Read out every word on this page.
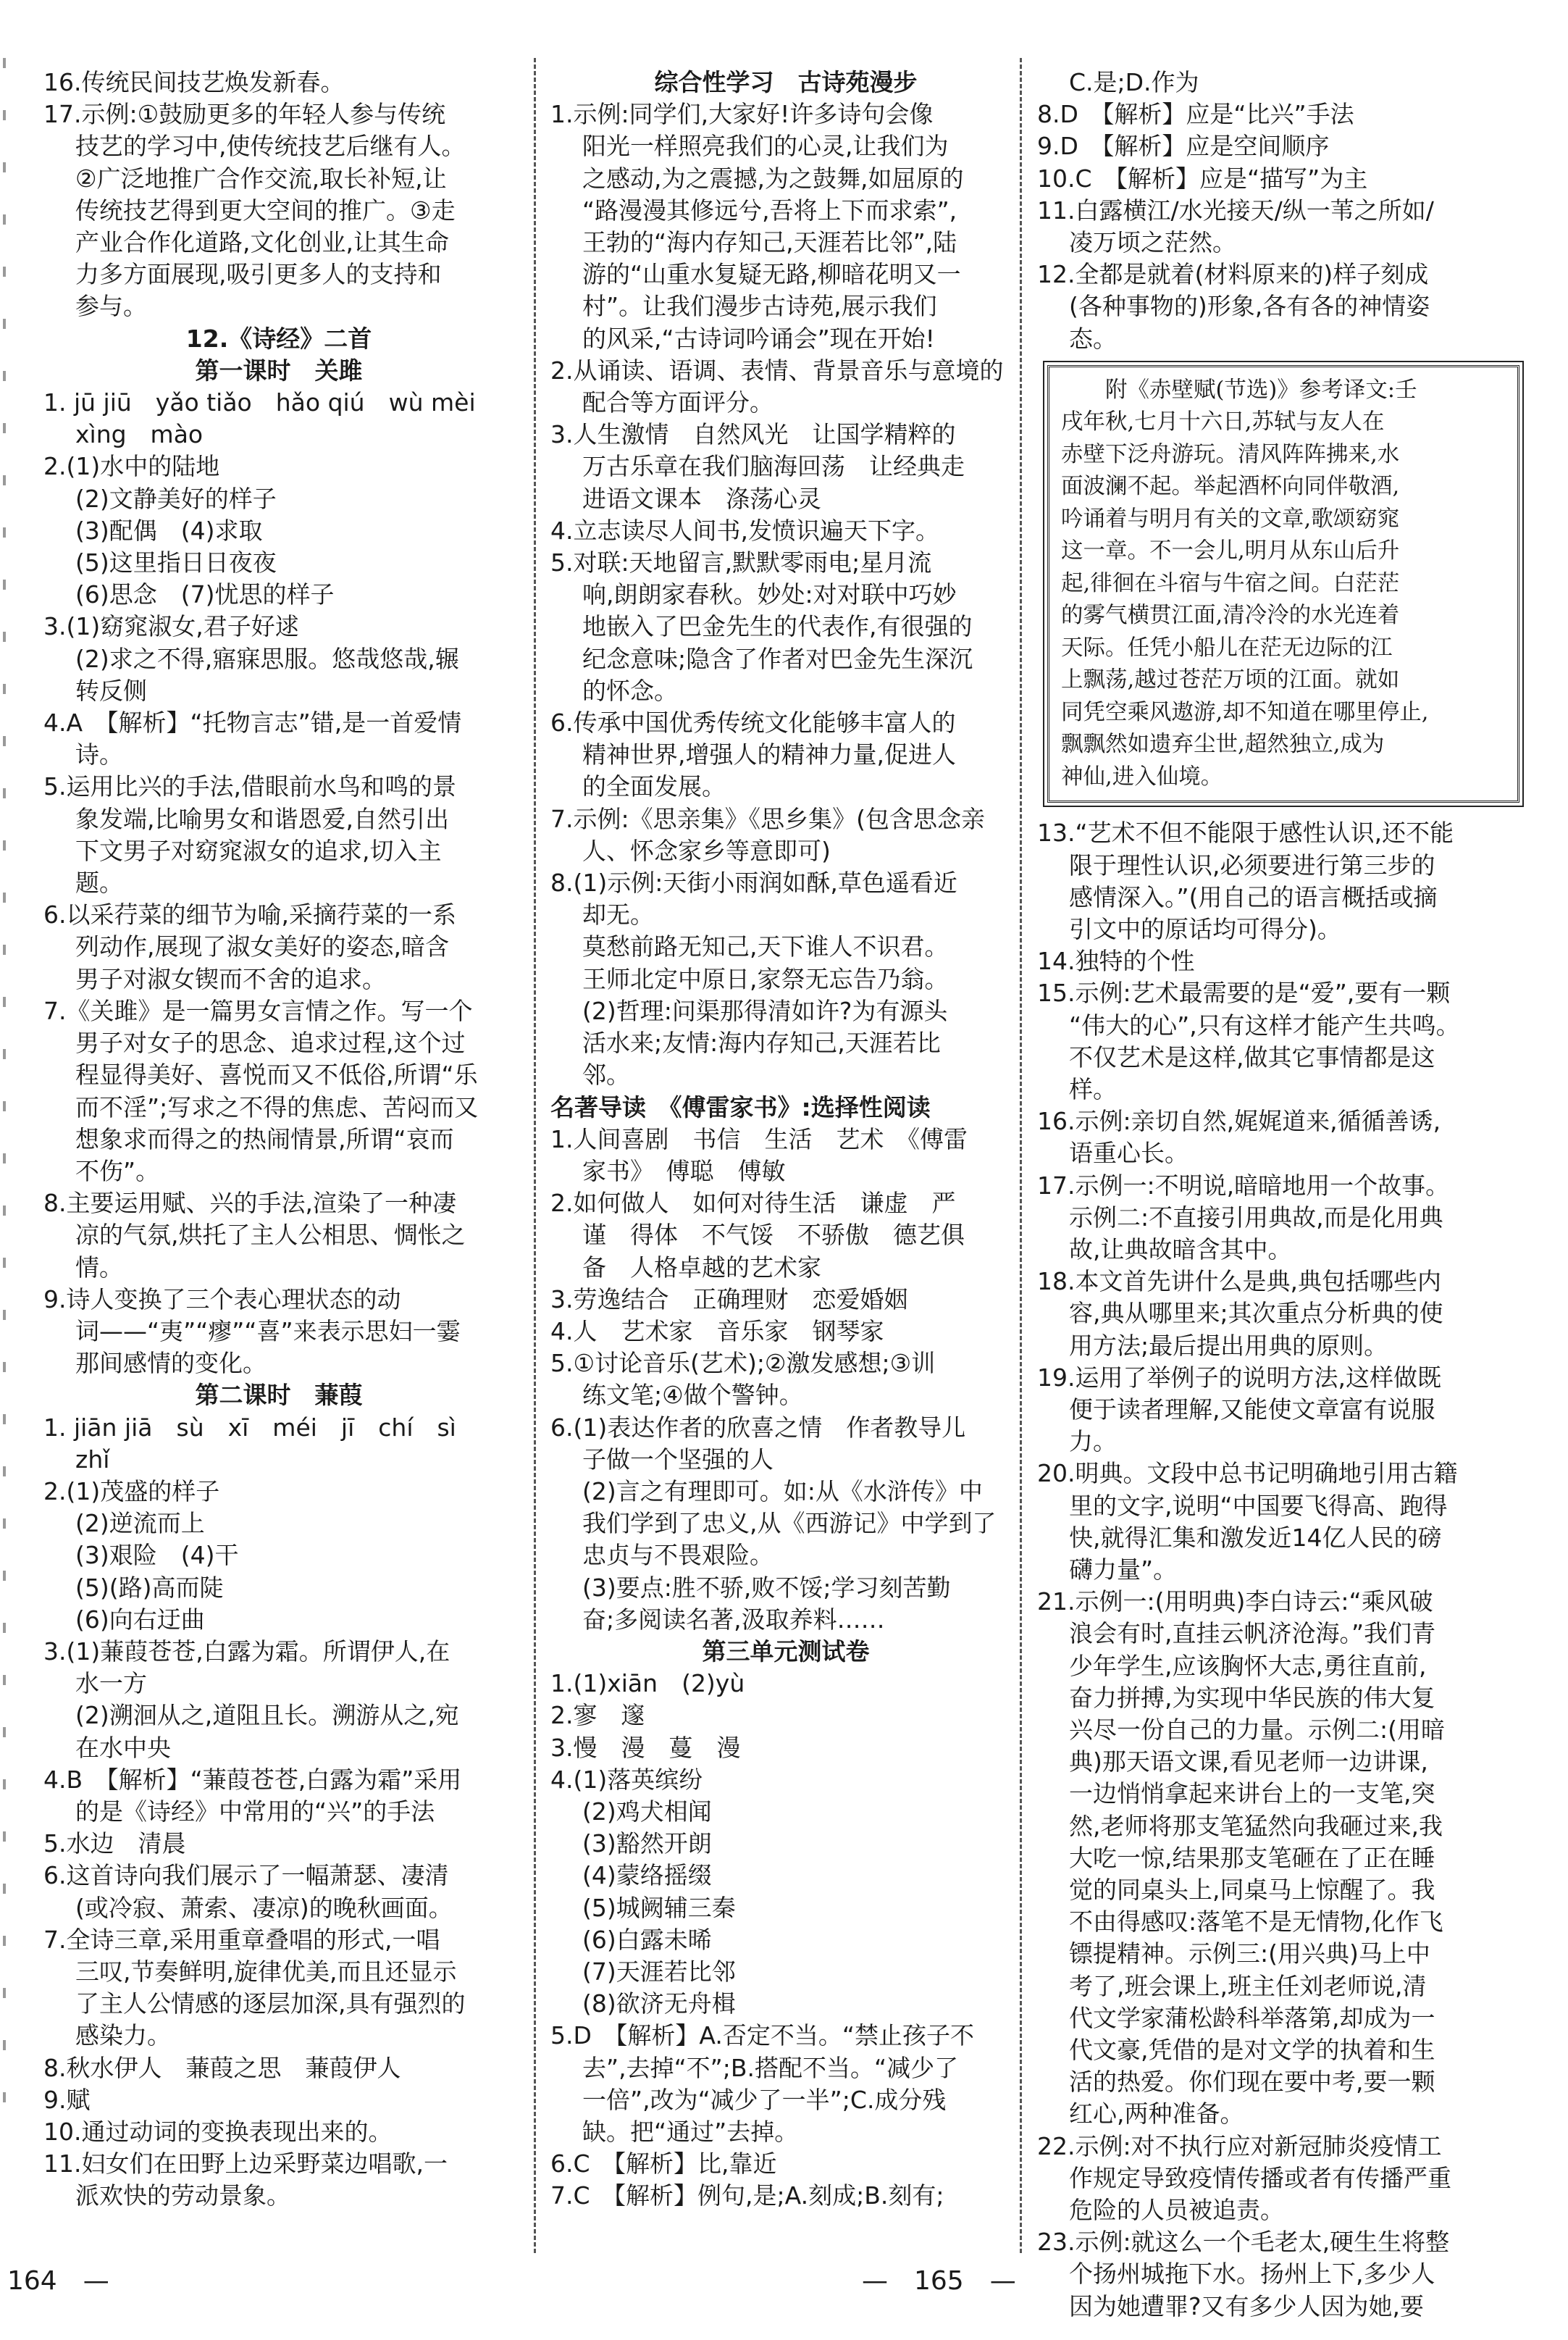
16.传统民间技艺焕发新春。
17.示例:①鼓励更多的年轻人参与传统
技艺的学习中,使传统技艺后继有人。
②广泛地推广合作交流,取长补短,让
传统技艺得到更大空间的推广。③走
产业合作化道路,文化创业,让其生命
力多方面展现,吸引更多人的支持和
参与。
12.《诗经》二首
第一课时　关雎
1. jū jiū　yǎo tiǎo　hǎo qiú　wù mèi
xìng　mào
2.(1)水中的陆地
(2)文静美好的样子
(3)配偶　(4)求取
(5)这里指日日夜夜
(6)思念　(7)忧思的样子
3.(1)窈窕淑女,君子好逑
(2)求之不得,寤寐思服。悠哉悠哉,辗
转反侧
4.A　【解析】“托物言志”错,是一首爱情
诗。
5.运用比兴的手法,借眼前水鸟和鸣的景
象发端,比喻男女和谐恩爱,自然引出
下文男子对窈窕淑女的追求,切入主
题。
6.以采荇菜的细节为喻,采摘荇菜的一系
列动作,展现了淑女美好的姿态,暗含
男子对淑女锲而不舍的追求。
7.《关雎》是一篇男女言情之作。写一个
男子对女子的思念、追求过程,这个过
程显得美好、喜悦而又不低俗,所谓“乐
而不淫”;写求之不得的焦虑、苦闷而又
想象求而得之的热闹情景,所谓“哀而
不伤”。
8.主要运用赋、兴的手法,渲染了一种凄
凉的气氛,烘托了主人公相思、惆怅之
情。
9.诗人变换了三个表心理状态的动
词——“夷”“瘳”“喜”来表示思妇一霎
那间感情的变化。
第二课时　蒹葭
1. jiān jiā　sù　xī　méi　jī　chí　sì
zhǐ
2.(1)茂盛的样子
(2)逆流而上
(3)艰险　(4)干
(5)(路)高而陡
(6)向右迂曲
3.(1)蒹葭苍苍,白露为霜。所谓伊人,在
水一方
(2)溯洄从之,道阻且长。溯游从之,宛
在水中央
4.B　【解析】“蒹葭苍苍,白露为霜”采用
的是《诗经》中常用的“兴”的手法
5.水边　清晨
6.这首诗向我们展示了一幅萧瑟、凄清
(或冷寂、萧索、凄凉)的晚秋画面。
7.全诗三章,采用重章叠唱的形式,一唱
三叹,节奏鲜明,旋律优美,而且还显示
了主人公情感的逐层加深,具有强烈的
感染力。
8.秋水伊人　蒹葭之思　蒹葭伊人
9.赋
10.通过动词的变换表现出来的。
11.妇女们在田野上边采野菜边唱歌,一
派欢快的劳动景象。
综合性学习　古诗苑漫步
1.示例:同学们,大家好!许多诗句会像
阳光一样照亮我们的心灵,让我们为
之感动,为之震撼,为之鼓舞,如屈原的
“路漫漫其修远兮,吾将上下而求索”,
王勃的“海内存知己,天涯若比邻”,陆
游的“山重水复疑无路,柳暗花明又一
村”。让我们漫步古诗苑,展示我们
的风采,“古诗词吟诵会”现在开始!
2.从诵读、语调、表情、背景音乐与意境的
配合等方面评分。
3.人生激情　自然风光　让国学精粹的
万古乐章在我们脑海回荡　让经典走
进语文课本　涤荡心灵
4.立志读尽人间书,发愤识遍天下字。
5.对联:天地留言,默默零雨电;星月流
响,朗朗家春秋。妙处:对对联中巧妙
地嵌入了巴金先生的代表作,有很强的
纪念意味;隐含了作者对巴金先生深沉
的怀念。
6.传承中国优秀传统文化能够丰富人的
精神世界,增强人的精神力量,促进人
的全面发展。
7.示例:《思亲集》《思乡集》(包含思念亲
人、怀念家乡等意即可)
8.(1)示例:天街小雨润如酥,草色遥看近
却无。
莫愁前路无知己,天下谁人不识君。
王师北定中原日,家祭无忘告乃翁。
(2)哲理:问渠那得清如许?为有源头
活水来;友情:海内存知己,天涯若比
邻。
名著导读　《傅雷家书》:选择性阅读
1.人间喜剧　书信　生活　艺术　《傅雷
家书》　傅聪　傅敏
2.如何做人　如何对待生活　谦虚　严
谨　得体　不气馁　不骄傲　德艺俱
备　人格卓越的艺术家
3.劳逸结合　正确理财　恋爱婚姻
4.人　艺术家　音乐家　钢琴家
5.①讨论音乐(艺术);②激发感想;③训
练文笔;④做个警钟。
6.(1)表达作者的欣喜之情　作者教导儿
子做一个坚强的人
(2)言之有理即可。如:从《水浒传》中
我们学到了忠义,从《西游记》中学到了
忠贞与不畏艰险。
(3)要点:胜不骄,败不馁;学习刻苦勤
奋;多阅读名著,汲取养料……
第三单元测试卷
1.(1)xiān　(2)yù
2.寥　邃
3.慢　漫　蔓　漫
4.(1)落英缤纷
(2)鸡犬相闻
(3)豁然开朗
(4)蒙络摇缀
(5)城阙辅三秦
(6)白露未晞
(7)天涯若比邻
(8)欲济无舟楫
5.D　【解析】A.否定不当。“禁止孩子不
去”,去掉“不”;B.搭配不当。“减少了
一倍”,改为“减少了一半”;C.成分残
缺。把“通过”去掉。
6.C　【解析】比,靠近
7.C　【解析】例句,是;A.刻成;B.刻有;
C.是;D.作为
8.D　【解析】应是“比兴”手法
9.D　【解析】应是空间顺序
10.C　【解析】应是“描写”为主
11.白露横江/水光接天/纵一苇之所如/
凌万顷之茫然。
12.全都是就着(材料原来的)样子刻成
(各种事物的)形象,各有各的神情姿
态。
　　附《赤壁赋(节选)》参考译文:壬
戌年秋,七月十六日,苏轼与友人在
赤壁下泛舟游玩。清风阵阵拂来,水
面波澜不起。举起酒杯向同伴敬酒,
吟诵着与明月有关的文章,歌颂窈窕
这一章。不一会儿,明月从东山后升
起,徘徊在斗宿与牛宿之间。白茫茫
的雾气横贯江面,清冷泠的水光连着
天际。任凭小船儿在茫无边际的江
上飘荡,越过苍茫万顷的江面。就如
同凭空乘风遨游,却不知道在哪里停止,
飘飘然如遗弃尘世,超然独立,成为
神仙,进入仙境。
13.“艺术不但不能限于感性认识,还不能
限于理性认识,必须要进行第三步的
感情深入。”(用自己的语言概括或摘
引文中的原话均可得分)。
14.独特的个性
15.示例:艺术最需要的是“爱”,要有一颗
“伟大的心”,只有这样才能产生共鸣。
不仅艺术是这样,做其它事情都是这
样。
16.示例:亲切自然,娓娓道来,循循善诱,
语重心长。
17.示例一:不明说,暗暗地用一个故事。
示例二:不直接引用典故,而是化用典
故,让典故暗含其中。
18.本文首先讲什么是典,典包括哪些内
容,典从哪里来;其次重点分析典的使
用方法;最后提出用典的原则。
19.运用了举例子的说明方法,这样做既
便于读者理解,又能使文章富有说服
力。
20.明典。文段中总书记明确地引用古籍
里的文字,说明“中国要飞得高、跑得
快,就得汇集和激发近14亿人民的磅
礴力量”。
21.示例一:(用明典)李白诗云:“乘风破
浪会有时,直挂云帆济沧海。”我们青
少年学生,应该胸怀大志,勇往直前,
奋力拼搏,为实现中华民族的伟大复
兴尽一份自己的力量。示例二:(用暗
典)那天语文课,看见老师一边讲课,
一边悄悄拿起来讲台上的一支笔,突
然,老师将那支笔猛然向我砸过来,我
大吃一惊,结果那支笔砸在了正在睡
觉的同桌头上,同桌马上惊醒了。我
不由得感叹:落笔不是无情物,化作飞
镖提精神。示例三:(用兴典)马上中
考了,班会课上,班主任刘老师说,清
代文学家蒲松龄科举落第,却成为一
代文豪,凭借的是对文学的执着和生
活的热爱。你们现在要中考,要一颗
红心,两种准备。
22.示例:对不执行应对新冠肺炎疫情工
作规定导致疫情传播或者有传播严重
危险的人员被追责。
23.示例:就这么一个毛老太,硬生生将整
个扬州城拖下水。扬州上下,多少人
因为她遭罪?又有多少人因为她,要
164　—	—　165　—
